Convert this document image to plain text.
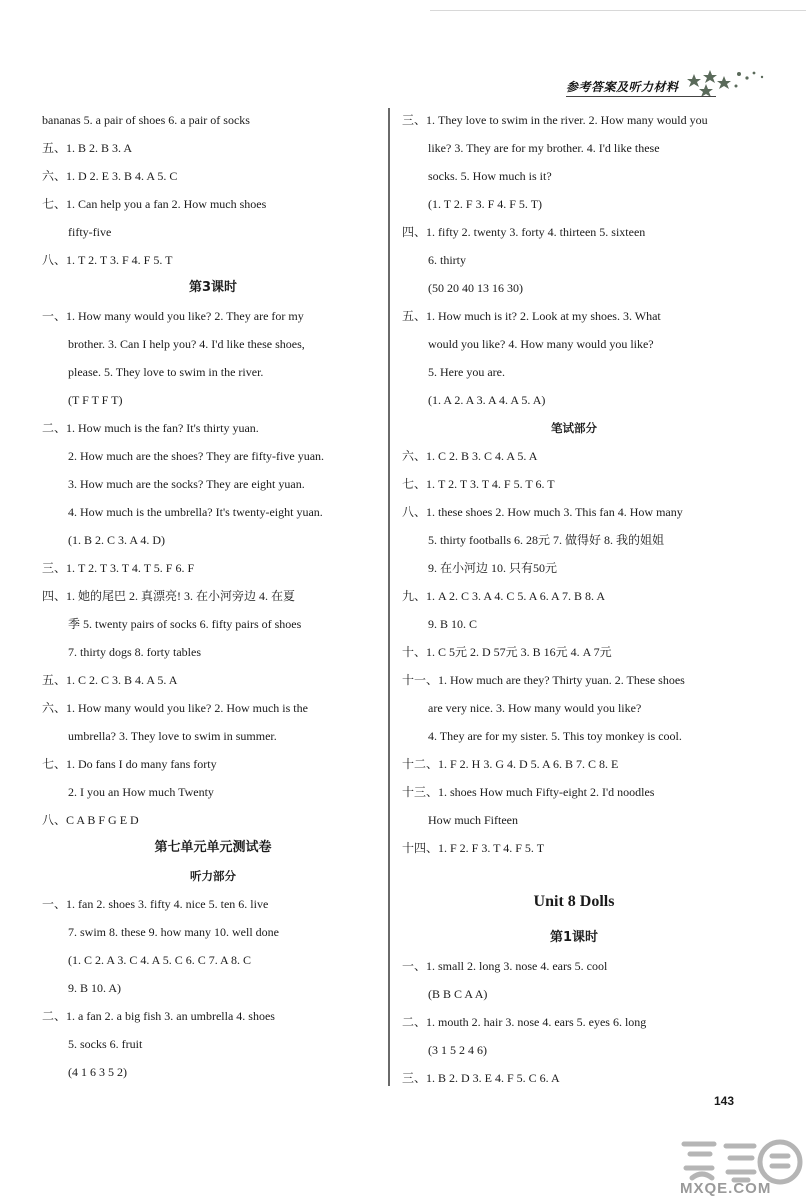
参考答案及听力材料
bananas 5. a pair of shoes 6. a pair of socks
五、1. B 2. B 3. A
六、1. D 2. E 3. B 4. A 5. C
七、1. Can help you a fan 2. How much shoes
fifty-five
八、1. T 2. T 3. F 4. F 5. T
第3课时
一、1. How many would you like? 2. They are for my
brother. 3. Can I help you? 4. I'd like these shoes,
please. 5. They love to swim in the river.
(T F T F T)
二、1. How much is the fan? It's thirty yuan.
2. How much are the shoes? They are fifty-five yuan.
3. How much are the socks? They are eight yuan.
4. How much is the umbrella? It's twenty-eight yuan.
(1. B 2. C 3. A 4. D)
三、1. T 2. T 3. T 4. T 5. F 6. F
四、1. 她的尾巴 2. 真漂亮! 3. 在小河旁边 4. 在夏
季 5. twenty pairs of socks 6. fifty pairs of shoes
7. thirty dogs 8. forty tables
五、1. C 2. C 3. B 4. A 5. A
六、1. How many would you like? 2. How much is the
umbrella? 3. They love to swim in summer.
七、1. Do fans I do many fans forty
2. I you an How much Twenty
八、C A B F G E D
第七单元单元测试卷
听力部分
一、1. fan 2. shoes 3. fifty 4. nice 5. ten 6. live
7. swim 8. these 9. how many 10. well done
(1. C 2. A 3. C 4. A 5. C 6. C 7. A 8. C
9. B 10. A)
二、1. a fan 2. a big fish 3. an umbrella 4. shoes
5. socks 6. fruit
(4 1 6 3 5 2)
三、1. They love to swim in the river. 2. How many would you
like? 3. They are for my brother. 4. I'd like these
socks. 5. How much is it?
(1. T 2. F 3. F 4. F 5. T)
四、1. fifty 2. twenty 3. forty 4. thirteen 5. sixteen
6. thirty
(50 20 40 13 16 30)
五、1. How much is it? 2. Look at my shoes. 3. What
would you like? 4. How many would you like?
5. Here you are.
(1. A 2. A 3. A 4. A 5. A)
笔试部分
六、1. C 2. B 3. C 4. A 5. A
七、1. T 2. T 3. T 4. F 5. T 6. T
八、1. these shoes 2. How much 3. This fan 4. How many
5. thirty footballs 6. 28元 7. 做得好 8. 我的姐姐
9. 在小河边 10. 只有50元
九、1. A 2. C 3. A 4. C 5. A 6. A 7. B 8. A
9. B 10. C
十、1. C 5元 2. D 57元 3. B 16元 4. A 7元
十一、1. How much are they? Thirty yuan. 2. These shoes
are very nice. 3. How many would you like?
4. They are for my sister. 5. This toy monkey is cool.
十二、1. F 2. H 3. G 4. D 5. A 6. B 7. C 8. E
十三、1. shoes How much Fifty-eight 2. I'd noodles
How much Fifteen
十四、1. F 2. F 3. T 4. F 5. T
Unit 8 Dolls
第1课时
一、1. small 2. long 3. nose 4. ears 5. cool
(B B C A A)
二、1. mouth 2. hair 3. nose 4. ears 5. eyes 6. long
(3 1 5 2 4 6)
三、1. B 2. D 3. E 4. F 5. C 6. A
143
MXQE.COM
